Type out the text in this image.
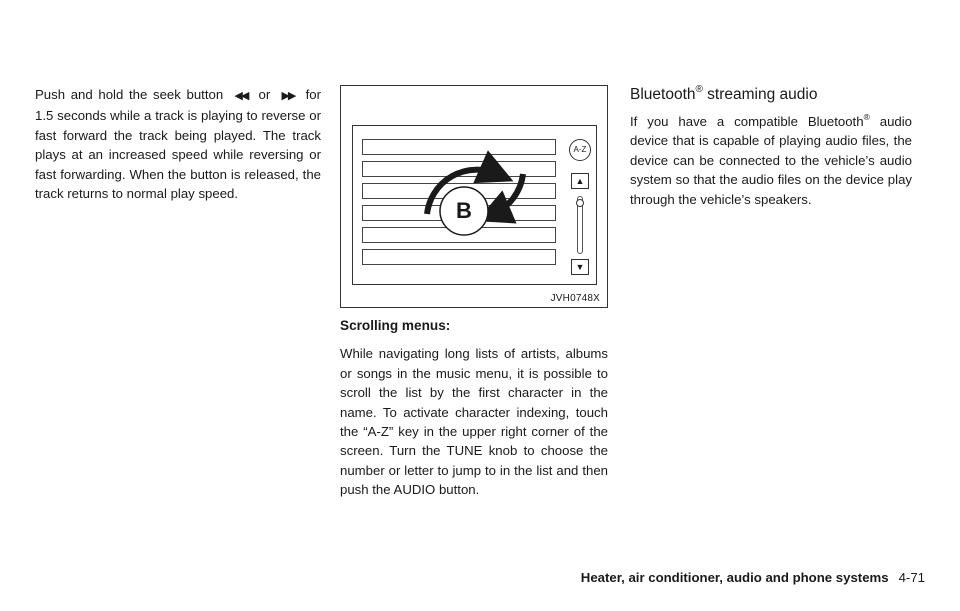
Push and hold the seek button ◀◀ or ▶▶ for 1.5 seconds while a track is playing to reverse or fast forward the track being played. The track plays at an increased speed while reversing or fast forwarding. When the button is released, the track returns to normal play speed.

A-Z
▲
▼
B
JVH0748X

Scrolling menus:

While navigating long lists of artists, albums or songs in the music menu, it is possible to scroll the list by the first character in the name. To activate character indexing, touch the “A-Z” key in the upper right corner of the screen. Turn the TUNE knob to choose the number or letter to jump to in the list and then push the AUDIO button.

Bluetooth® streaming audio

If you have a compatible Bluetooth® audio device that is capable of playing audio files, the device can be connected to the vehicle’s audio system so that the audio files on the device play through the vehicle’s speakers.

Heater, air conditioner, audio and phone systems 4-71
